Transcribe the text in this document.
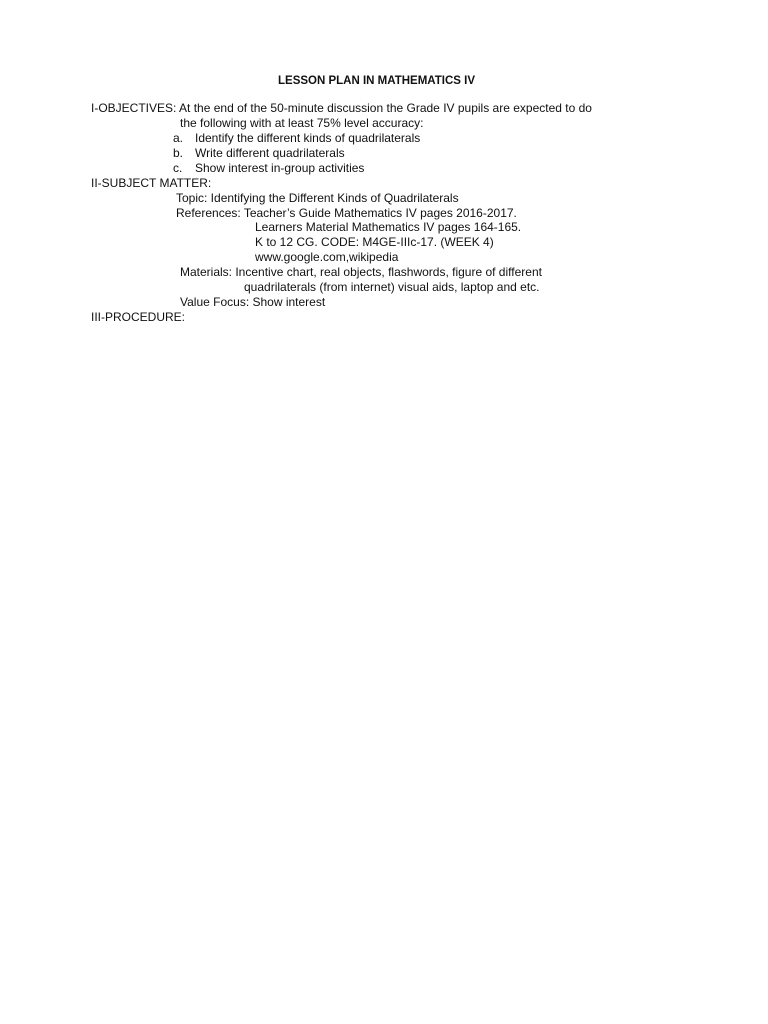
LESSON PLAN IN MATHEMATICS IV
I-OBJECTIVES: At the end of the 50-minute discussion the Grade IV pupils are expected to do
the following with at least 75% level accuracy:
a. Identify the different kinds of quadrilaterals
b. Write different quadrilaterals
c. Show interest in-group activities
II-SUBJECT MATTER:
Topic: Identifying the Different Kinds of Quadrilaterals
References: Teacher’s Guide Mathematics IV pages 2016-2017.
Learners Material Mathematics IV pages 164-165.
K to 12 CG. CODE: M4GE-IIIc-17. (WEEK 4)
www.google.com,wikipedia
Materials: Incentive chart, real objects, flashwords, figure of different
quadrilaterals (from internet) visual aids, laptop and etc.
Value Focus: Show interest
III-PROCEDURE:
